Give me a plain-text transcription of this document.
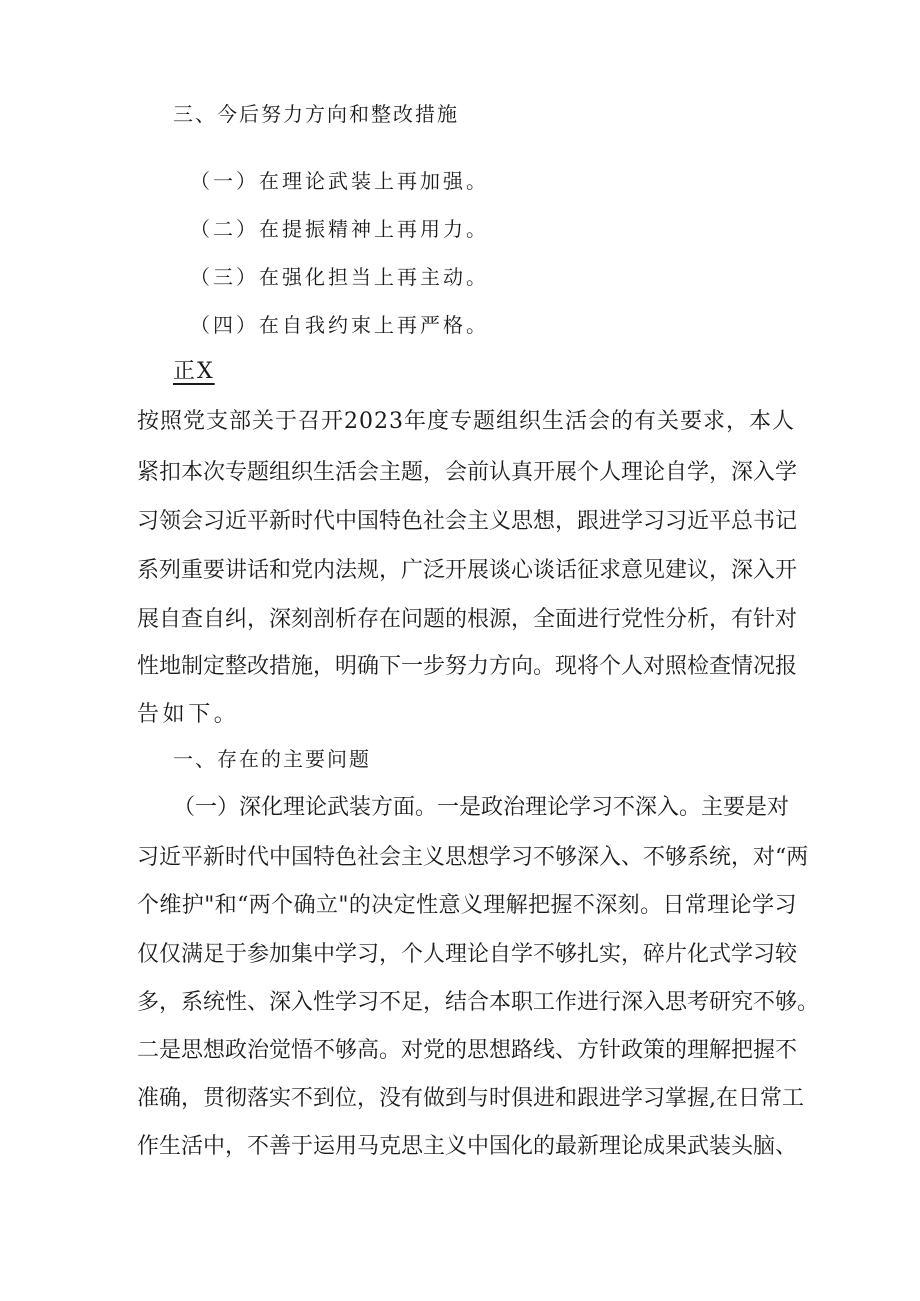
三、今后努力方向和整改措施
（一）在理论武装上再加强。
（二）在提振精神上再用力。
（三）在强化担当上再主动。
（四）在自我约束上再严格。
正X
按照党支部关于召开2023年度专题组织生活会的有关要求，本人
紧扣本次专题组织生活会主题，会前认真开展个人理论自学，深入学
习领会习近平新时代中国特色社会主义思想，跟进学习习近平总书记
系列重要讲话和党内法规，广泛开展谈心谈话征求意见建议，深入开
展自查自纠，深刻剖析存在问题的根源，全面进行党性分析，有针对
性地制定整改措施，明确下一步努力方向。现将个人对照检查情况报
告如下。
一、存在的主要问题
（一）深化理论武装方面。一是政治理论学习不深入。主要是对
习近平新时代中国特色社会主义思想学习不够深入、不够系统，对“两
个维护"和“两个确立"的决定性意义理解把握不深刻。日常理论学习
仅仅满足于参加集中学习，个人理论自学不够扎实，碎片化式学习较
多，系统性、深入性学习不足，结合本职工作进行深入思考研究不够。
二是思想政治觉悟不够高。对党的思想路线、方针政策的理解把握不
准确，贯彻落实不到位，没有做到与时俱进和跟进学习掌握,在日常工
作生活中，不善于运用马克思主义中国化的最新理论成果武装头脑、
